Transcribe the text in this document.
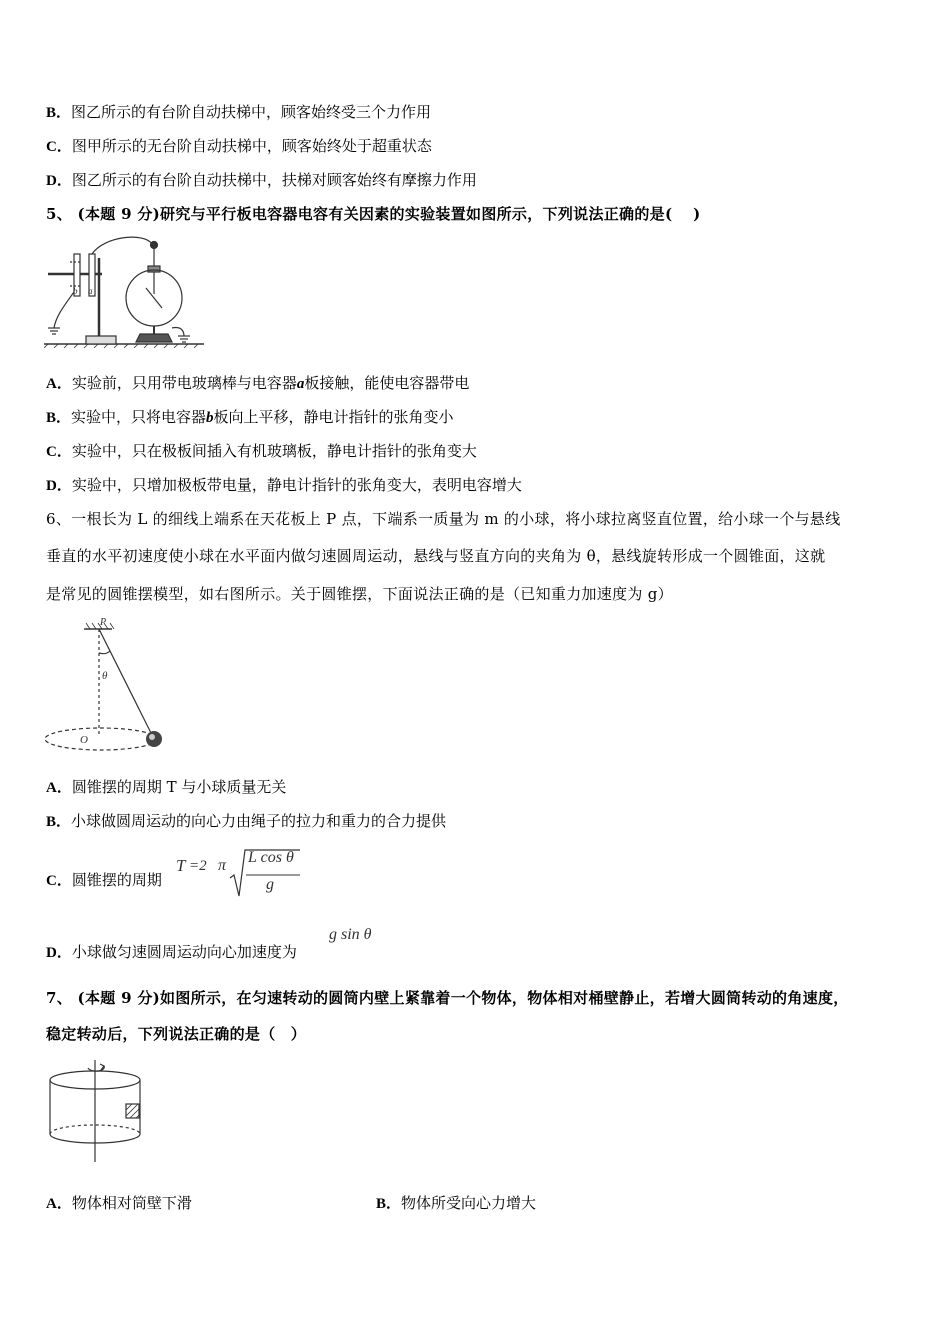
B．图乙所示的有台阶自动扶梯中，顾客始终受三个力作用
C．图甲所示的无台阶自动扶梯中，顾客始终处于超重状态
D．图乙所示的有台阶自动扶梯中，扶梯对顾客始终有摩擦力作用
5、 (本题 9 分)研究与平行板电容器电容有关因素的实验装置如图所示，下列说法正确的是(　 )
b a
A．实验前，只用带电玻璃棒与电容器a板接触，能使电容器带电
B．实验中，只将电容器b板向上平移，静电计指针的张角变小
C．实验中，只在极板间插入有机玻璃板，静电计指针的张角变大
D．实验中，只增加极板带电量，静电计指针的张角变大，表明电容增大
6、一根长为 L 的细线上端系在天花板上 P 点，下端系一质量为 m 的小球，将小球拉离竖直位置，给小球一个与悬线
垂直的水平初速度使小球在水平面内做匀速圆周运动，悬线与竖直方向的夹角为 θ，悬线旋转形成一个圆锥面，这就
是常见的圆锥摆模型，如右图所示。关于圆锥摆，下面说法正确的是（已知重力加速度为 g）
P
θ
O
A．圆锥摆的周期 T 与小球质量无关
B．小球做圆周运动的向心力由绳子的拉力和重力的合力提供
C．圆锥摆的周期
T =2 π L cos θ
g
D．小球做匀速圆周运动向心加速度为
g sin θ
7、 (本题 9 分)如图所示，在匀速转动的圆筒内壁上紧靠着一个物体，物体相对桶壁静止，若增大圆筒转动的角速度，
稳定转动后，下列说法正确的是（　）
A．物体相对筒壁下滑	B．物体所受向心力增大
